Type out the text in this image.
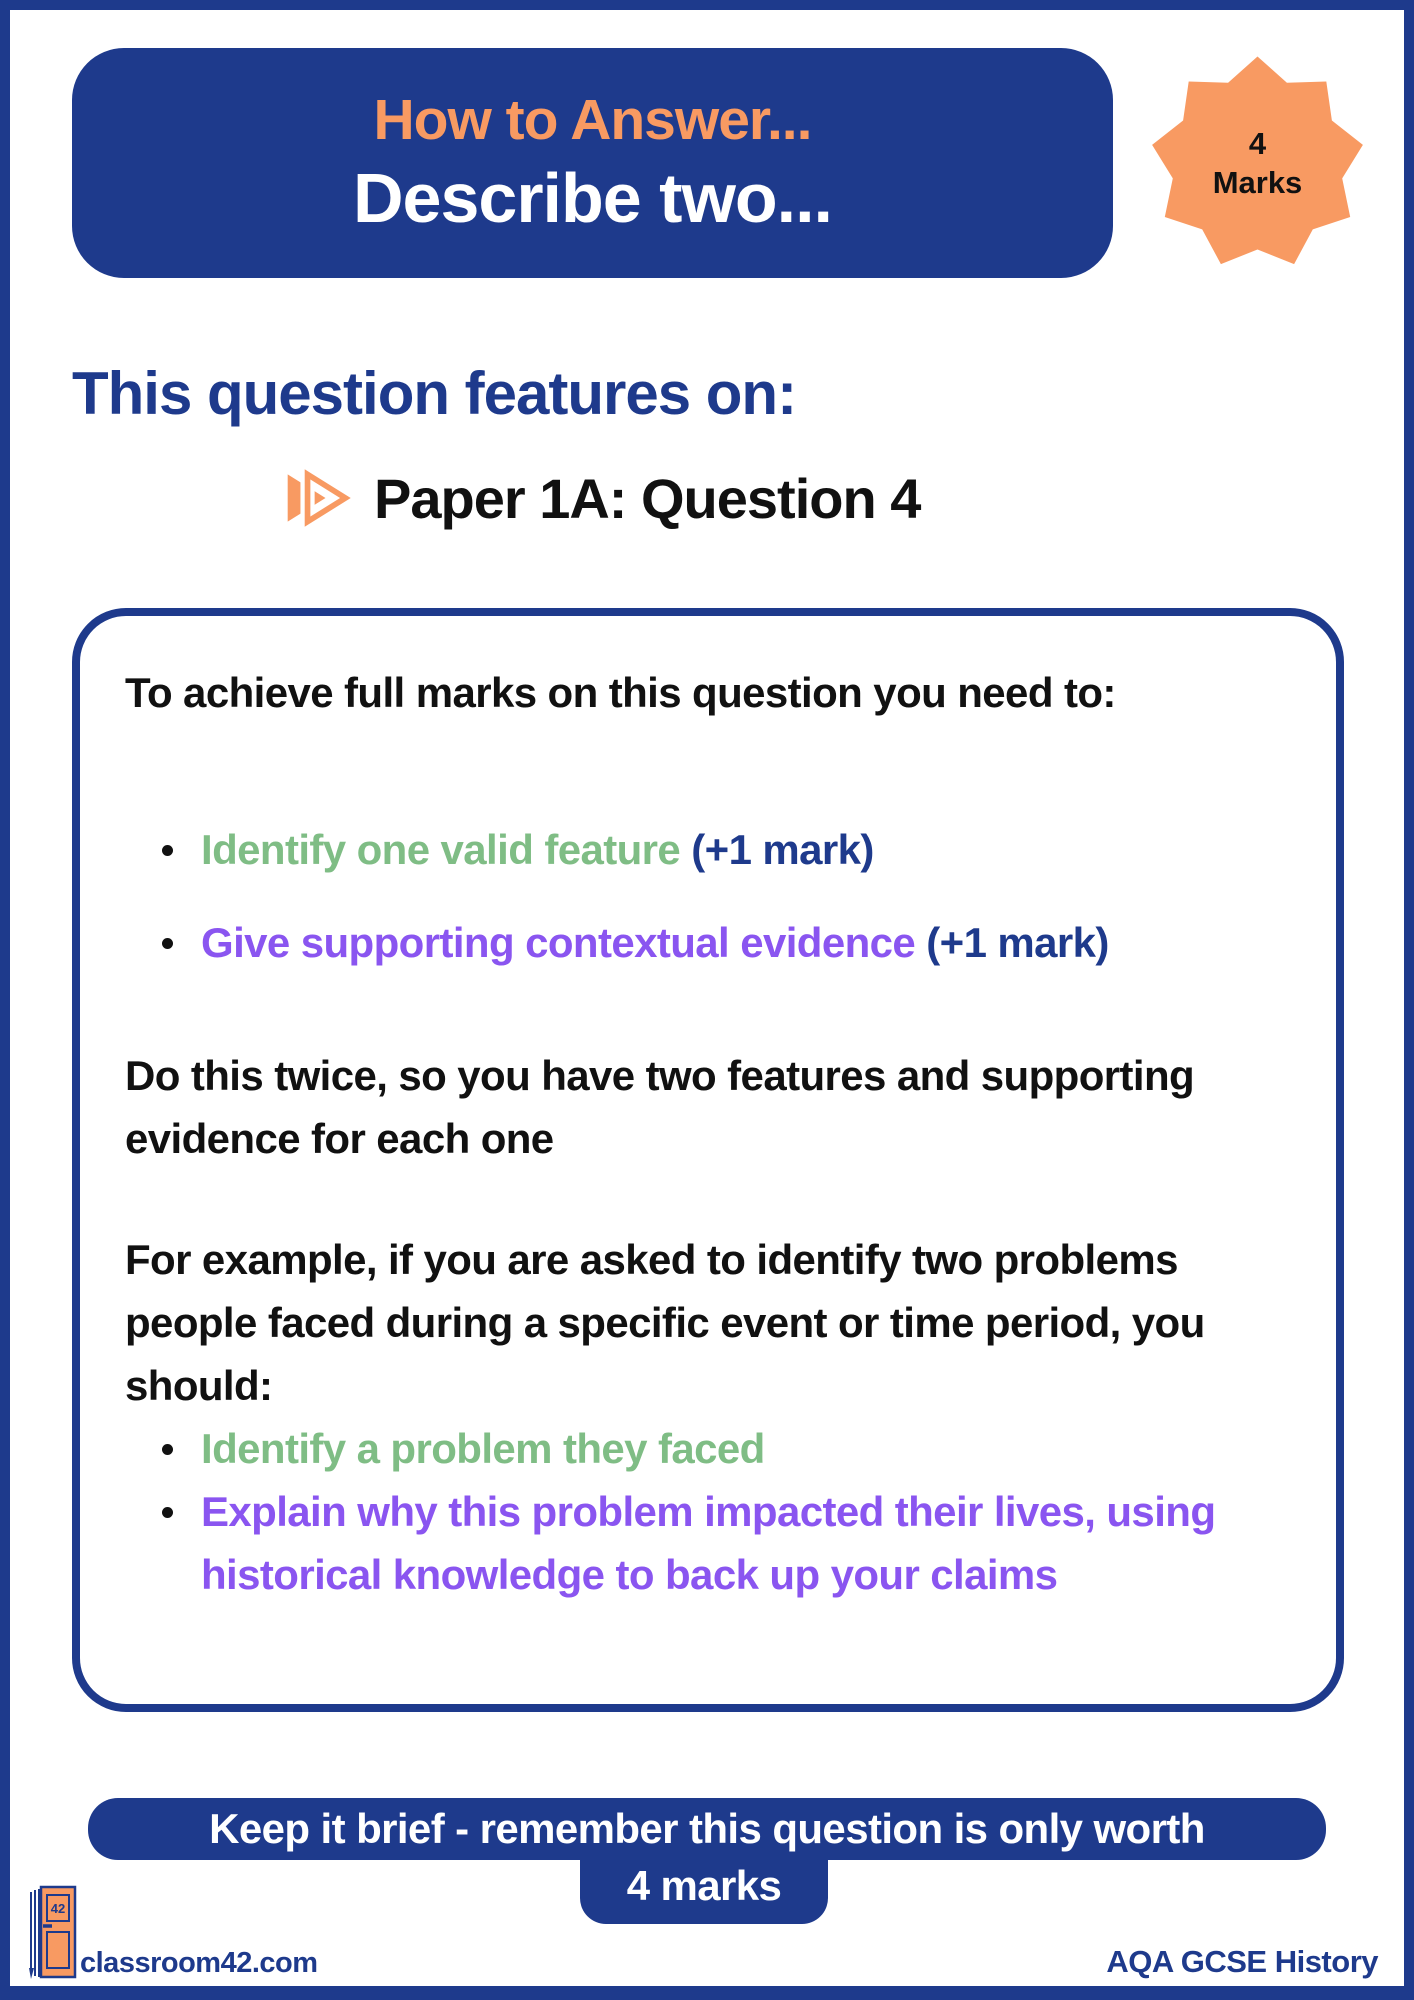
How to Answer...
Describe two...
4
Marks
This question features on:
Paper 1A: Question 4
To achieve full marks on this question you need to:
Identify one valid feature (+1 mark)
Give supporting contextual evidence (+1 mark)
Do this twice, so you have two features and supporting evidence for each one
For example, if you are asked to identify two problems people faced during a specific event or time period, you should:
Identify a problem they faced
Explain why this problem impacted their lives, using historical knowledge to back up your claims
Keep it brief - remember this question is only worth
4 marks
42
classroom42.com	AQA GCSE History
